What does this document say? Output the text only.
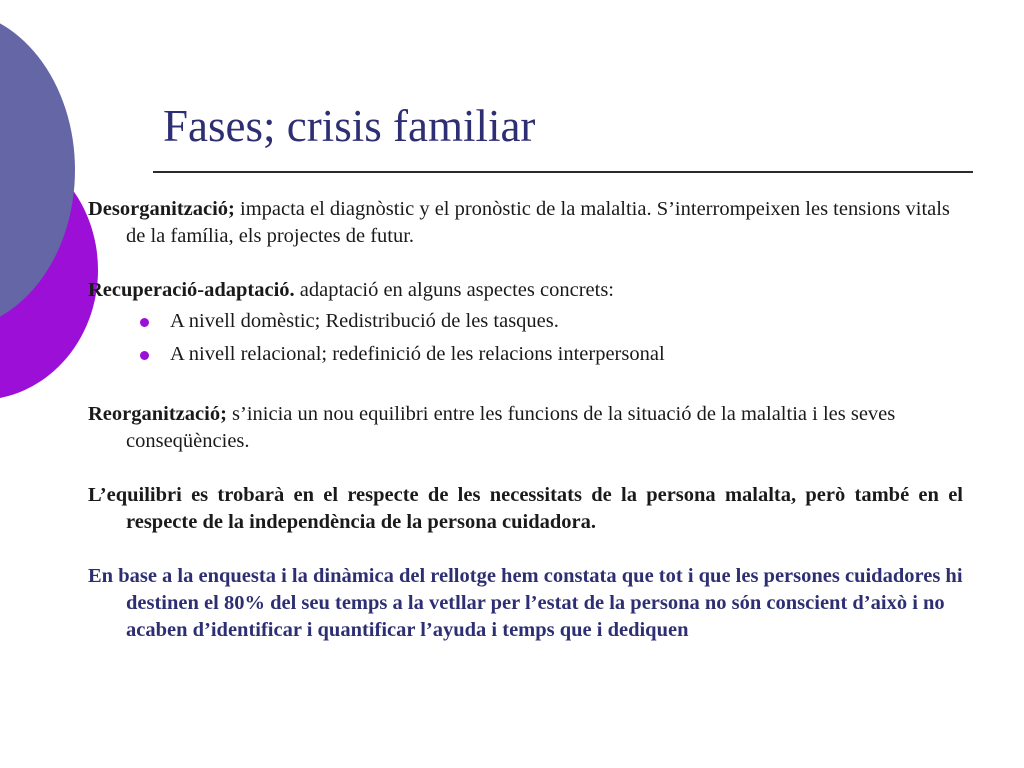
Fases; crisis familiar

Desorganització; impacta el diagnòstic y el pronòstic de la malaltia. S’interrompeixen les tensions vitals de la família, els projectes de futur.

Recuperació-adaptació. adaptació en alguns aspectes concrets:

A nivell domèstic; Redistribució de les tasques.
A nivell relacional; redefinició de les relacions interpersonal

Reorganització; s’inicia un nou equilibri entre les funcions de la situació de la malaltia i les seves conseqüències.

L’equilibri es trobarà en el respecte de les necessitats de la persona malalta, però també en el respecte de la independència de la persona cuidadora.

En base a la enquesta i la dinàmica del rellotge hem constata que tot i que les persones cuidadores hi destinen el 80% del seu temps a la vetllar per l’estat de la persona no són conscient d’això i no acaben d’identificar i quantificar l’ayuda i temps que i dediquen
